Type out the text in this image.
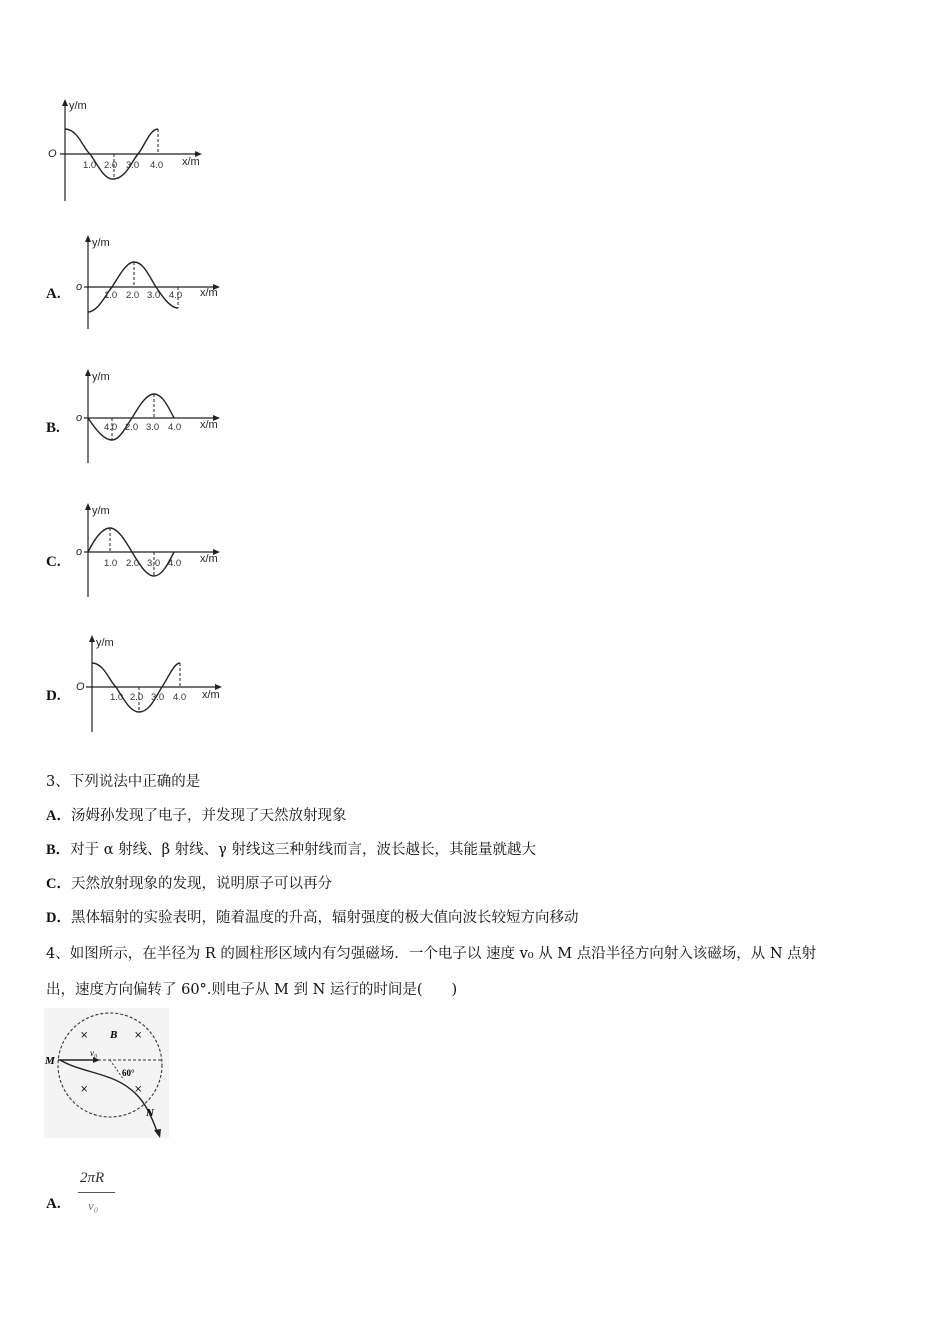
y/m
x/m
O
1.0 2.0 3.0 4.0
A.
y/m
x/m
o
1.0 2.0 3.0 4.0
B.
y/m
x/m
o
4.0 2.0 3.0 4.0
C.
y/m
x/m
o
1.0 2.0 3.0 4.0
D.
y/m
x/m
O
1.0 2.0 3.0 4.0
3、下列说法中正确的是
A．汤姆孙发现了电子，并发现了天然放射现象
B．对于 α 射线、β 射线、γ 射线这三种射线而言，波长越长，其能量就越大
C．天然放射现象的发现，说明原子可以再分
D．黑体辐射的实验表明，随着温度的升高，辐射强度的极大值向波长较短方向移动
4、如图所示，在半径为 R 的圆柱形区域内有匀强磁场．一个电子以 速度 v₀ 从 M 点沿半径方向射入该磁场，从 N 点射
出，速度方向偏转了 60°.则电子从 M 到 N 运行的时间是(　　)
M
N
B
v₀
60°
×	×
×	×
A.
2πR
v₀
